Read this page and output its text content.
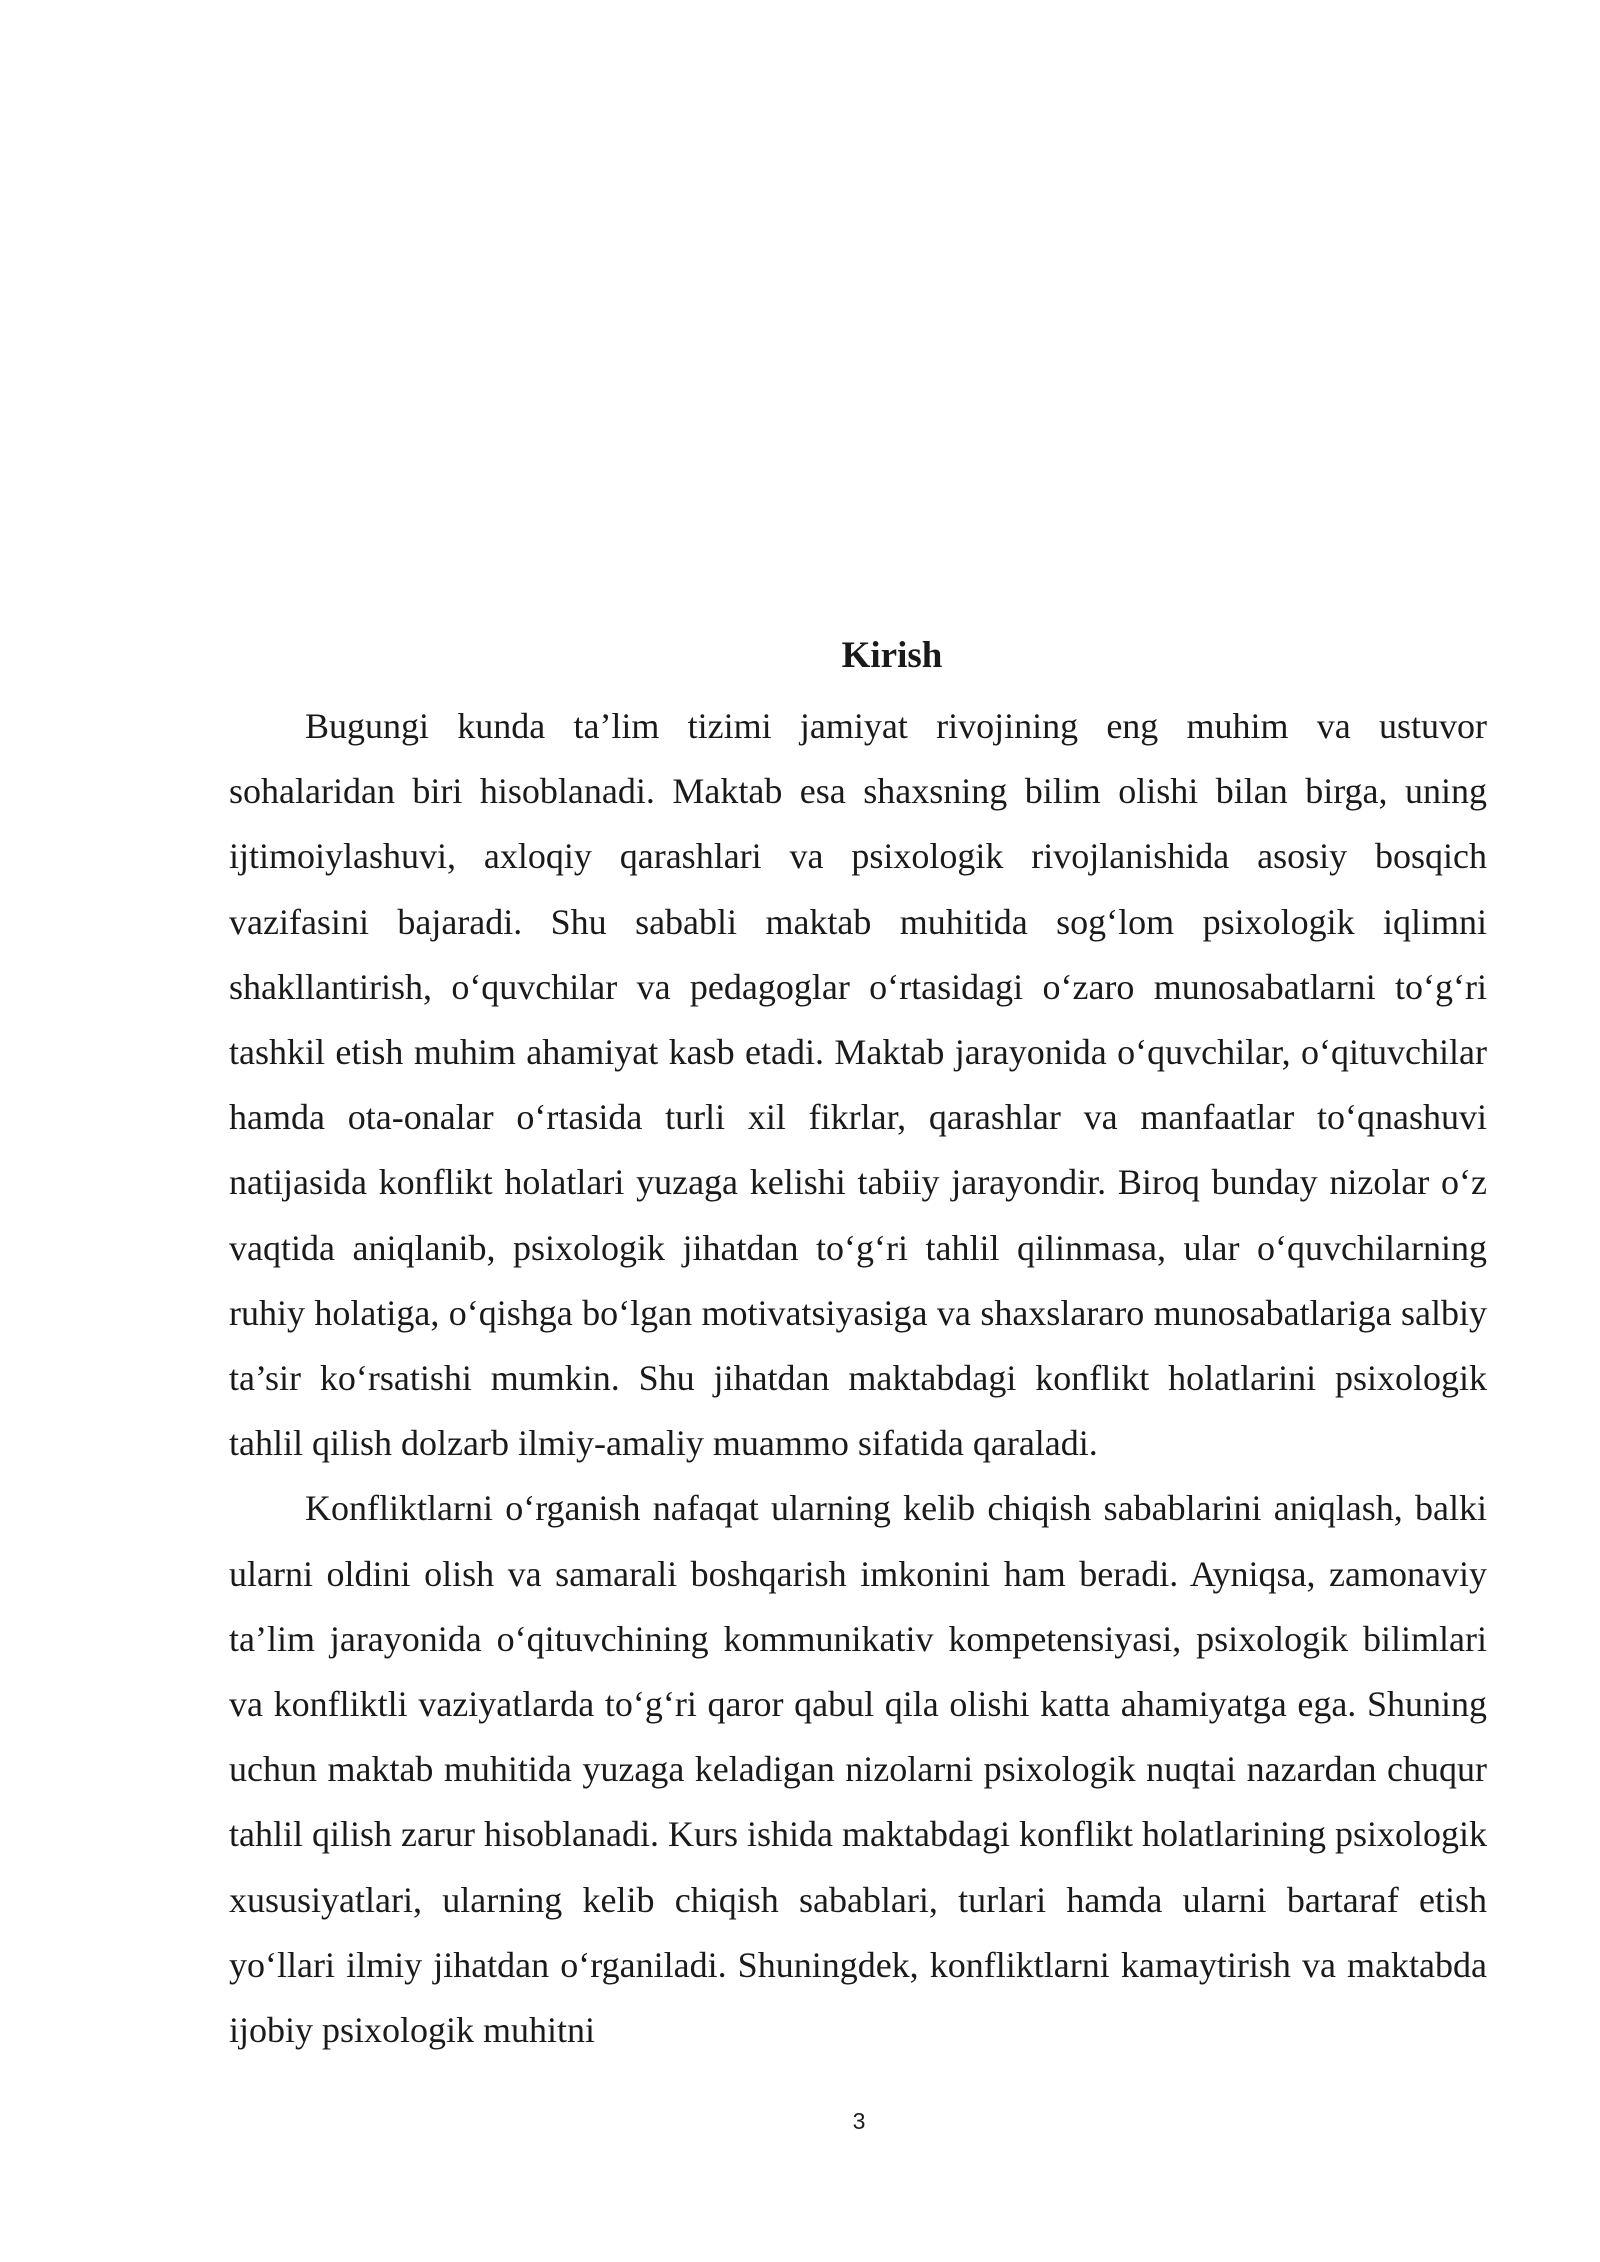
Kirish

Bugungi kunda ta’lim tizimi jamiyat rivojining eng muhim va ustuvor sohalaridan biri hisoblanadi. Maktab esa shaxsning bilim olishi bilan birga, uning ijtimoiylashuvi, axloqiy qarashlari va psixologik rivojlanishida asosiy bosqich vazifasini bajaradi. Shu sababli maktab muhitida sog‘lom psixologik iqlimni shakllantirish, o‘quvchilar va pedagoglar o‘rtasidagi o‘zaro munosabatlarni to‘g‘ri tashkil etish muhim ahamiyat kasb etadi. Maktab jarayonida o‘quvchilar, o‘qituvchilar hamda ota-onalar o‘rtasida turli xil fikrlar, qarashlar va manfaatlar to‘qnashuvi natijasida konflikt holatlari yuzaga kelishi tabiiy jarayondir. Biroq bunday nizolar o‘z vaqtida aniqlanib, psixologik jihatdan to‘g‘ri tahlil qilinmasa, ular o‘quvchilarning ruhiy holatiga, o‘qishga bo‘lgan motivatsiyasiga va shaxslararo munosabatlariga salbiy ta’sir ko‘rsatishi mumkin. Shu jihatdan maktabdagi konflikt holatlarini psixologik tahlil qilish dolzarb ilmiy-amaliy muammo sifatida qaraladi.

Konfliktlarni o‘rganish nafaqat ularning kelib chiqish sabablarini aniqlash, balki ularni oldini olish va samarali boshqarish imkonini ham beradi. Ayniqsa, zamonaviy ta’lim jarayonida o‘qituvchining kommunikativ kompetensiyasi, psixologik bilimlari va konfliktli vaziyatlarda to‘g‘ri qaror qabul qila olishi katta ahamiyatga ega. Shuning uchun maktab muhitida yuzaga keladigan nizolarni psixologik nuqtai nazardan chuqur tahlil qilish zarur hisoblanadi. Kurs ishida maktabdagi konflikt holatlarining psixologik xususiyatlari, ularning kelib chiqish sabablari, turlari hamda ularni bartaraf etish yo‘llari ilmiy jihatdan o‘rganiladi. Shuningdek, konfliktlarni kamaytirish va maktabda ijobiy psixologik muhitni

3
